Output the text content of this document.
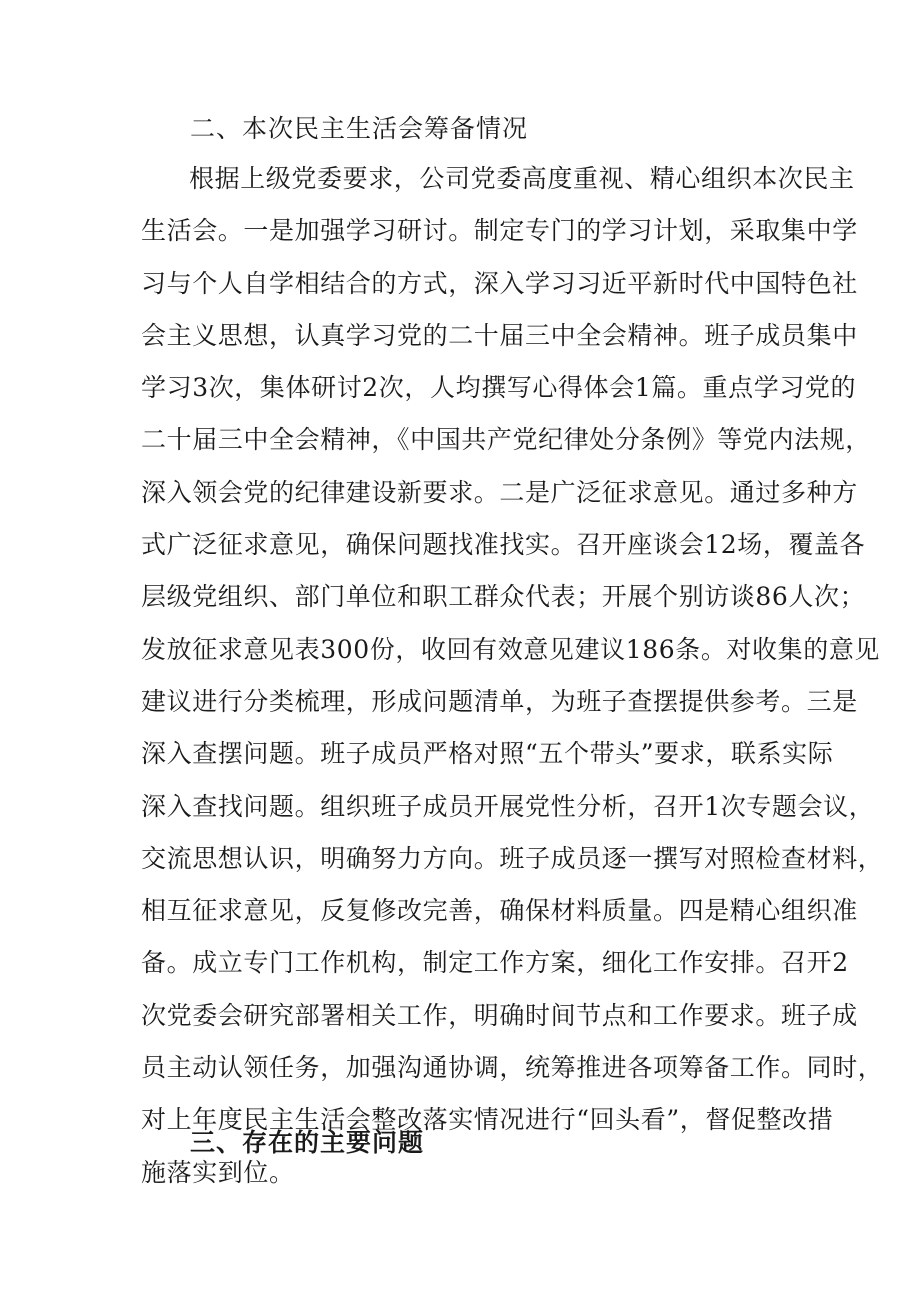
二、本次民主生活会筹备情况
根据上级党委要求，公司党委高度重视、精心组织本次民主
生活会。一是加强学习研讨。制定专门的学习计划，采取集中学
习与个人自学相结合的方式，深入学习习近平新时代中国特色社
会主义思想，认真学习党的二十届三中全会精神。班子成员集中
学习3次，集体研讨2次，人均撰写心得体会1篇。重点学习党的
二十届三中全会精神，《中国共产党纪律处分条例》等党内法规，
深入领会党的纪律建设新要求。二是广泛征求意见。通过多种方
式广泛征求意见，确保问题找准找实。召开座谈会12场，覆盖各
层级党组织、部门单位和职工群众代表；开展个别访谈86人次；
发放征求意见表300份，收回有效意见建议186条。对收集的意见
建议进行分类梳理，形成问题清单，为班子查摆提供参考。三是
深入查摆问题。班子成员严格对照“五个带头”要求，联系实际
深入查找问题。组织班子成员开展党性分析，召开1次专题会议，
交流思想认识，明确努力方向。班子成员逐一撰写对照检查材料，
相互征求意见，反复修改完善，确保材料质量。四是精心组织准
备。成立专门工作机构，制定工作方案，细化工作安排。召开2
次党委会研究部署相关工作，明确时间节点和工作要求。班子成
员主动认领任务，加强沟通协调，统筹推进各项筹备工作。同时，
对上年度民主生活会整改落实情况进行“回头看”，督促整改措
施落实到位。
三、存在的主要问题
